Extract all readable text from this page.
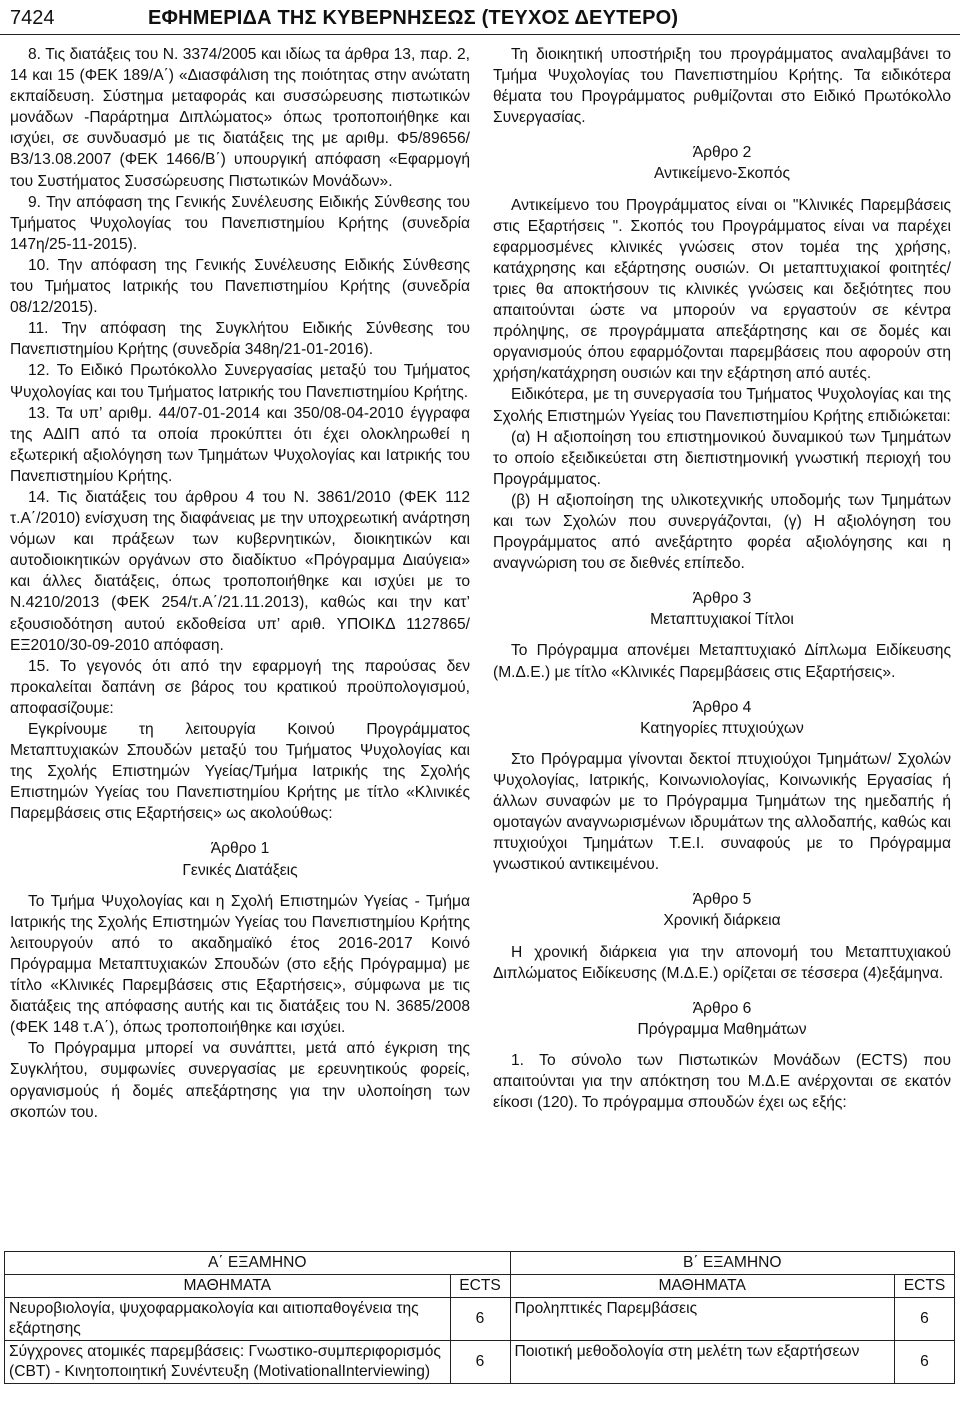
7424	ΕΦΗΜΕΡΙΔΑ ΤΗΣ ΚΥΒΕΡΝΗΣΕΩΣ (ΤΕΥΧΟΣ ΔΕΥΤΕΡΟ)

8. Τις διατάξεις του Ν. 3374/2005 και ιδίως τα άρθρα 13, παρ. 2, 14 και 15 (ΦΕΚ 189/Α΄) «Διασφάλιση της ποιότητας στην ανώτατη εκπαίδευση. Σύστημα μεταφοράς και συσσώρευσης πιστωτικών μονάδων -Παράρτημα Διπλώματος» όπως τροποποιήθηκε και ισχύει, σε συνδυασμό με τις διατάξεις της με αριθμ. Φ5/89656/Β3/13.08.2007 (ΦΕΚ 1466/Β΄) υπουργική απόφαση «Εφαρμογή του Συστήματος Συσσώρευσης Πιστωτικών Μονάδων».

9. Την απόφαση της Γενικής Συνέλευσης Ειδικής Σύνθεσης του Τμήματος Ψυχολογίας του Πανεπιστημίου Κρήτης (συνεδρία 147η/25-11-2015).

10. Την απόφαση της Γενικής Συνέλευσης Ειδικής Σύνθεσης του Τμήματος Ιατρικής του Πανεπιστημίου Κρήτης (συνεδρία 08/12/2015).

11. Την απόφαση της Συγκλήτου Ειδικής Σύνθεσης του Πανεπιστημίου Κρήτης (συνεδρία 348η/21-01-2016).

12. Το Ειδικό Πρωτόκολλο Συνεργασίας μεταξύ του Τμήματος Ψυχολογίας και του Τμήματος Ιατρικής του Πανεπιστημίου Κρήτης.

13. Τα υπ’ αριθμ. 44/07-01-2014 και 350/08-04-2010 έγγραφα της ΑΔΙΠ από τα οποία προκύπτει ότι έχει ολοκληρωθεί η εξωτερική αξιολόγηση των Τμημάτων Ψυχολογίας και Ιατρικής του Πανεπιστημίου Κρήτης.

14. Τις διατάξεις του άρθρου 4 του Ν. 3861/2010 (ΦΕΚ 112 τ.Α΄/2010) ενίσχυση της διαφάνειας με την υποχρεωτική ανάρτηση νόμων και πράξεων των κυβερνητικών, διοικητικών και αυτοδιοικητικών οργάνων στο διαδίκτυο «Πρόγραμμα Διαύγεια» και άλλες διατάξεις, όπως τροποποιήθηκε και ισχύει με το Ν.4210/2013 (ΦΕΚ 254/τ.Α΄/21.11.2013), καθώς και την κατ’ εξουσιοδότηση αυτού εκδοθείσα υπ’ αριθ. ΥΠΟΙΚΔ 1127865/ ΕΞ2010/30-09-2010 απόφαση.

15. Το γεγονός ότι από την εφαρμογή της παρούσας δεν προκαλείται δαπάνη σε βάρος του κρατικού προϋπολογισμού, αποφασίζουμε:

Εγκρίνουμε τη λειτουργία Κοινού Προγράμματος Μεταπτυχιακών Σπουδών μεταξύ του Τμήματος Ψυχολογίας και της Σχολής Επιστημών Υγείας/Τμήμα Ιατρικής της Σχολής Επιστημών Υγείας του Πανεπιστημίου Κρήτης με τίτλο «Κλινικές Παρεμβάσεις στις Εξαρτήσεις» ως ακολούθως:

Άρθρο 1

Γενικές Διατάξεις

Το Τμήμα Ψυχολογίας και η Σχολή Επιστημών Υγείας - Τμήμα Ιατρικής της Σχολής Επιστημών Υγείας του Πανεπιστημίου Κρήτης λειτουργούν από το ακαδημαϊκό έτος 2016-2017 Κοινό Πρόγραμμα Μεταπτυχιακών Σπουδών (στο εξής Πρόγραμμα) με τίτλο «Κλινικές Παρεμβάσεις στις Εξαρτήσεις», σύμφωνα με τις διατάξεις της απόφασης αυτής και τις διατάξεις του Ν. 3685/2008 (ΦΕΚ 148 τ.Α΄), όπως τροποποιήθηκε και ισχύει.

Το Πρόγραμμα μπορεί να συνάπτει, μετά από έγκριση της Συγκλήτου, συμφωνίες συνεργασίας με ερευνητικούς φορείς, οργανισμούς ή δομές απεξάρτησης για την υλοποίηση των σκοπών του.

Τη διοικητική υποστήριξη του προγράμματος αναλαμβάνει το Τμήμα Ψυχολογίας του Πανεπιστημίου Κρήτης. Τα ειδικότερα θέματα του Προγράμματος ρυθμίζονται στο Ειδικό Πρωτόκολλο Συνεργασίας.

Άρθρο 2

Αντικείμενο-Σκοπός

Αντικείμενο του Προγράμματος είναι οι "Κλινικές Παρεμβάσεις στις Εξαρτήσεις ". Σκοπός του Προγράμματος είναι να παρέχει εφαρμοσμένες κλινικές γνώσεις στον τομέα της χρήσης, κατάχρησης και εξάρτησης ουσιών. Οι μεταπτυχιακοί φοιτητές/τριες θα αποκτήσουν τις κλινικές γνώσεις και δεξιότητες που απαιτούνται ώστε να μπορούν να εργαστούν σε κέντρα πρόληψης, σε προγράμματα απεξάρτησης και σε δομές και οργανισμούς όπου εφαρμόζονται παρεμβάσεις που αφορούν στη χρήση/κατάχρηση ουσιών και την εξάρτηση από αυτές.

Ειδικότερα, με τη συνεργασία του Τμήματος Ψυχολογίας και της Σχολής Επιστημών Υγείας του Πανεπιστημίου Κρήτης επιδιώκεται:

(α) Η αξιοποίηση του επιστημονικού δυναμικού των Τμημάτων το οποίο εξειδικεύεται στη διεπιστημονική γνωστική περιοχή του Προγράμματος.

(β) Η αξιοποίηση της υλικοτεχνικής υποδομής των Τμημάτων και των Σχολών που συνεργάζονται, (γ) Η αξιολόγηση του Προγράμματος από ανεξάρτητο φορέα αξιολόγησης και η αναγνώριση του σε διεθνές επίπεδο.

Άρθρο 3

Μεταπτυχιακοί Τίτλοι

Το Πρόγραμμα απονέμει Μεταπτυχιακό Δίπλωμα Ειδίκευσης (Μ.Δ.Ε.) με τίτλο «Κλινικές Παρεμβάσεις στις Εξαρτήσεις».

Άρθρο 4

Κατηγορίες πτυχιούχων

Στο Πρόγραμμα γίνονται δεκτοί πτυχιούχοι Τμημάτων/ Σχολών Ψυχολογίας, Ιατρικής, Κοινωνιολογίας, Κοινωνικής Εργασίας ή άλλων συναφών με το Πρόγραμμα Τμημάτων της ημεδαπής ή ομοταγών αναγνωρισμένων ιδρυμάτων της αλλοδαπής, καθώς και πτυχιούχοι Τμημάτων Τ.Ε.Ι. συναφούς με το Πρόγραμμα γνωστικού αντικειμένου.

Άρθρο 5

Χρονική διάρκεια

Η χρονική διάρκεια για την απονομή του Μεταπτυχιακού Διπλώματος Ειδίκευσης (Μ.Δ.Ε.) ορίζεται σε τέσσερα (4)εξάμηνα.

Άρθρο 6

Πρόγραμμα Μαθημάτων

1. Το σύνολο των Πιστωτικών Μονάδων (ECTS) που απαιτούνται για την απόκτηση του Μ.Δ.Ε ανέρχονται σε εκατόν είκοσι (120). Το πρόγραμμα σπουδών έχει ως εξής:

Α΄ ΕΞΑΜΗΝΟ		Β΄ ΕΞΑΜΗΝΟ	
ΜΑΘΗΜΑΤΑ	ECTS	ΜΑΘΗΜΑΤΑ	ECTS
Νευροβιολογία, ψυχοφαρμακολογία και αιτιοπαθογένεια της εξάρτησης	6	Προληπτικές Παρεμβάσεις	6
Σύγχρονες ατομικές παρεμβάσεις: Γνωστικο-συμπεριφορισμός (CBT) - Κινητοποιητική Συνέντευξη (MotivationalInterviewing)	6	Ποιοτική μεθοδολογία στη μελέτη των εξαρτήσεων	6
